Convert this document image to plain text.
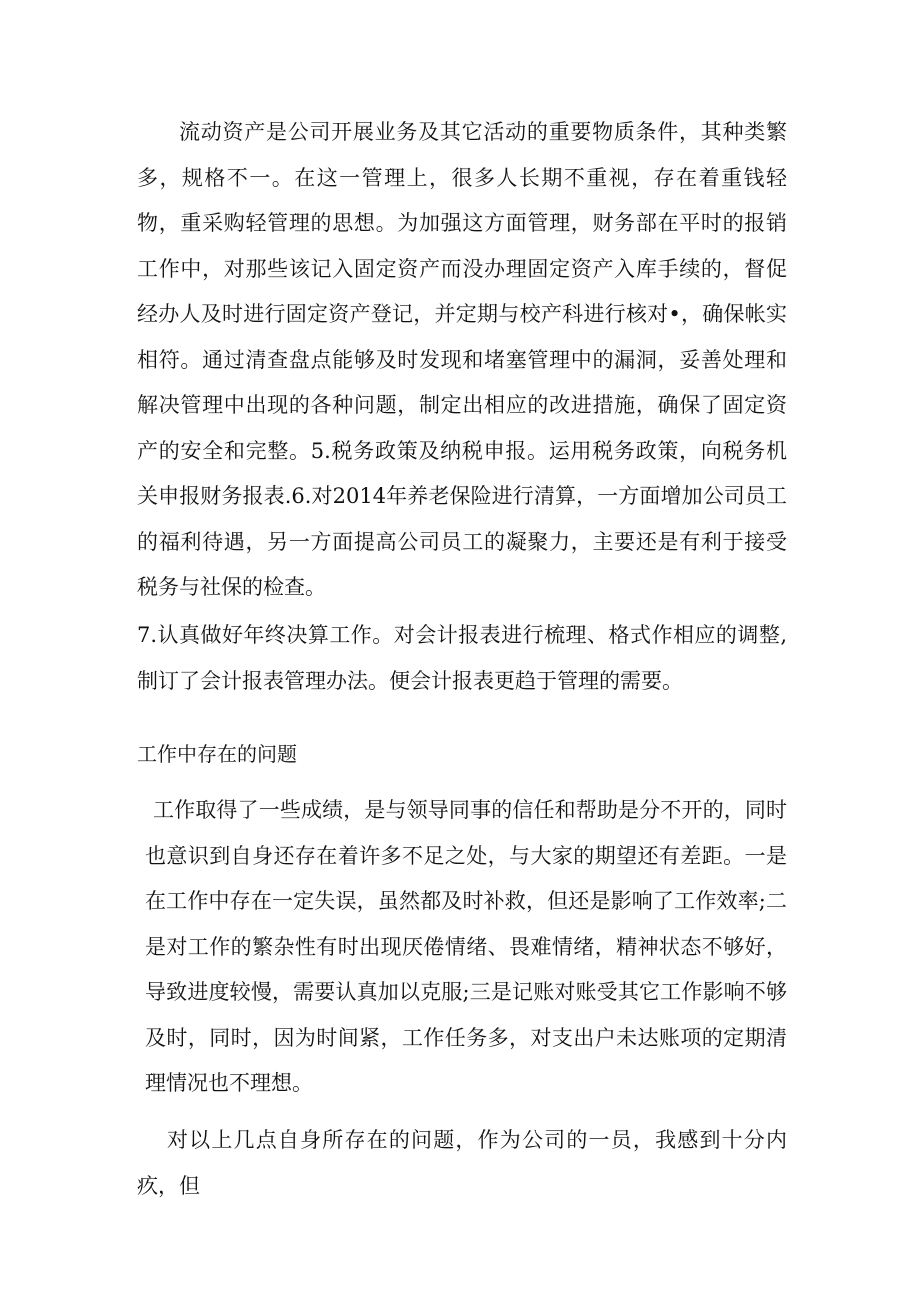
流动资产是公司开展业务及其它活动的重要物质条件，其种类繁多，规格不一。在这一管理上，很多人长期不重视，存在着重钱轻物，重采购轻管理的思想。为加强这方面管理，财务部在平时的报销工作中，对那些该记入固定资产而没办理固定资产入库手续的，督促经办人及时进行固定资产登记，并定期与校产科进行核对•，确保帐实相符。通过清查盘点能够及时发现和堵塞管理中的漏洞，妥善处理和解决管理中出现的各种问题，制定出相应的改进措施，确保了固定资产的安全和完整。5.税务政策及纳税申报。运用税务政策，向税务机关申报财务报表.6.对2014年养老保险进行清算，一方面增加公司员工的福利待遇，另一方面提高公司员工的凝聚力，主要还是有利于接受税务与社保的检查。

7.认真做好年终决算工作。对会计报表进行梳理、格式作相应的调整,制订了会计报表管理办法。便会计报表更趋于管理的需要。

工作中存在的问题

工作取得了一些成绩，是与领导同事的信任和帮助是分不开的，同时也意识到自身还存在着许多不足之处，与大家的期望还有差距。一是在工作中存在一定失误，虽然都及时补救，但还是影响了工作效率;二是对工作的繁杂性有时出现厌倦情绪、畏难情绪，精神状态不够好，导致进度较慢，需要认真加以克服;三是记账对账受其它工作影响不够及时，同时，因为时间紧，工作任务多，对支出户未达账项的定期清理情况也不理想。

对以上几点自身所存在的问题，作为公司的一员，我感到十分内疚，但
